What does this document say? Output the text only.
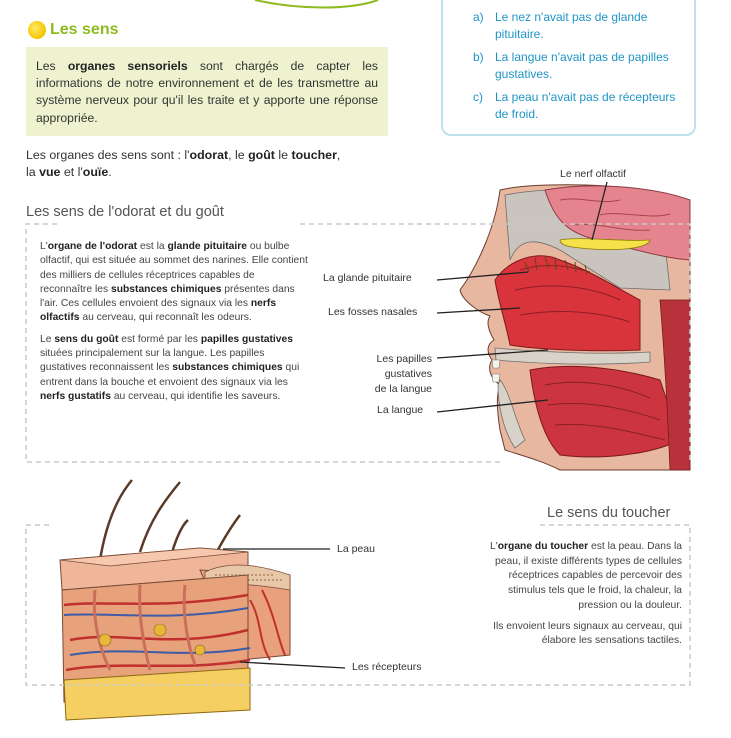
Les sens

Les organes sensoriels sont chargés de capter les informations de notre environnement et de les transmettre au système nerveux pour qu'il les traite et y apporte une réponse appropriée.

a) Le nez n'avait pas de glande pituitaire.
b) La langue n'avait pas de papilles gustatives.
c) La peau n'avait pas de récepteurs de froid.
Les organes des sens sont : l'odorat, le goût le toucher,
la vue et l'ouïe.
Les sens de l'odorat et du goût

L'organe de l'odorat est la glande pituitaire ou bulbe olfactif, qui est située au sommet des narines. Elle contient des milliers de cellules réceptrices capables de reconnaître les substances chimiques présentes dans l'air. Ces cellules envoient des signaux via les nerfs olfactifs au cerveau, qui reconnaît les odeurs.

Le sens du goût est formé par les papilles gustatives situées principalement sur la langue. Les papilles gustatives reconnaissent les substances chimiques qui entrent dans la bouche et envoient des signaux via les nerfs gustatifs au cerveau, qui identifie les saveurs.

Le nerf olfactif
La glande pituitaire
Les fosses nasales
Les papilles
gustatives
de la langue
La langue
Le sens du toucher
La peau
Les récepteurs

L'organe du toucher est la peau. Dans la peau, il existe différents types de cellules réceptrices capables de percevoir des stimulus tels que le froid, la chaleur, la pression ou la douleur.

Ils envoient leurs signaux au cerveau, qui élabore les sensations tactiles.
